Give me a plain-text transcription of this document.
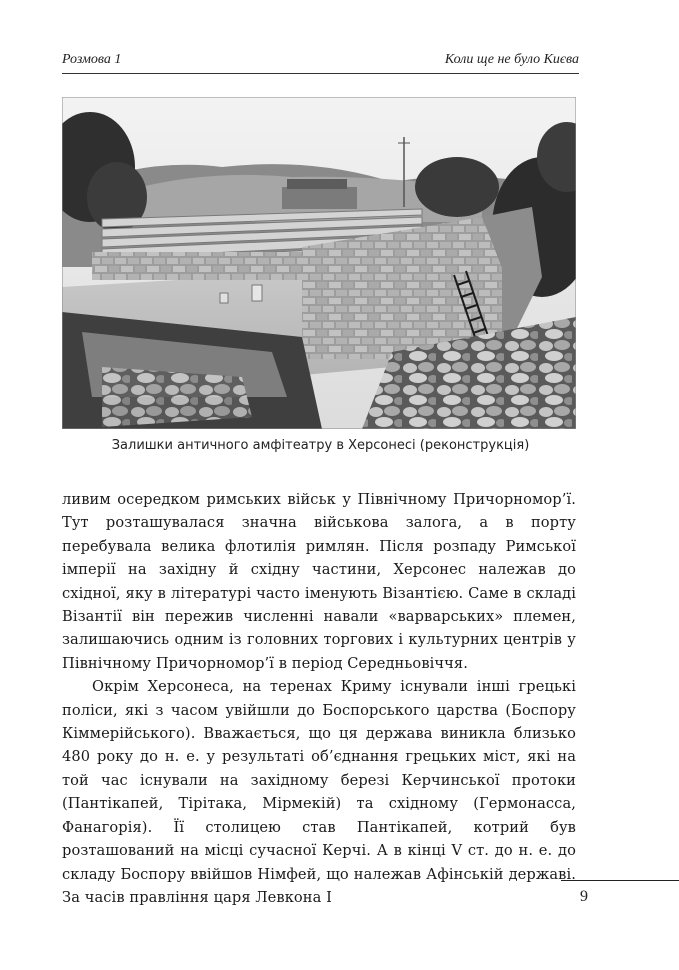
Розмова 1	Коли ще не було Києва
Залишки античного амфітеатру в Херсонесі (реконструкція)

ливим осередком римських військ у Північному Причорномор’ї. Тут розташувалася значна військова залога, а в порту перебувала велика флотилія римлян. Після розпаду Римської імперії на західну й східну частини, Херсонес належав до східної, яку в літературі часто іменують Візантією. Саме в складі Візантії він пережив численні навали «варварських» племен, залишаючись одним із головних торгових і культурних центрів у Північному Причорномор’ї в період Середньовіччя.

Окрім Херсонеса, на теренах Криму існували інші грецькі поліси, які з часом увійшли до Боспорського царства (Боспору Кіммерійського). Вважається, що ця держава виникла близько 480 року до н. е. у результаті об’єднання грецьких міст, які на той час існували на західному березі Керчинської протоки (Пантікапей, Тірітака, Мірмекій) та східному (Гермонасса, Фанагорія). Її столицею став Пантікапей, котрий був розташований на місці сучасної Керчі. А в кінці V ст. до н. е. до складу Боспору ввійшов Німфей, що належав Афінській державі. За часів правління царя Левкона І	9
